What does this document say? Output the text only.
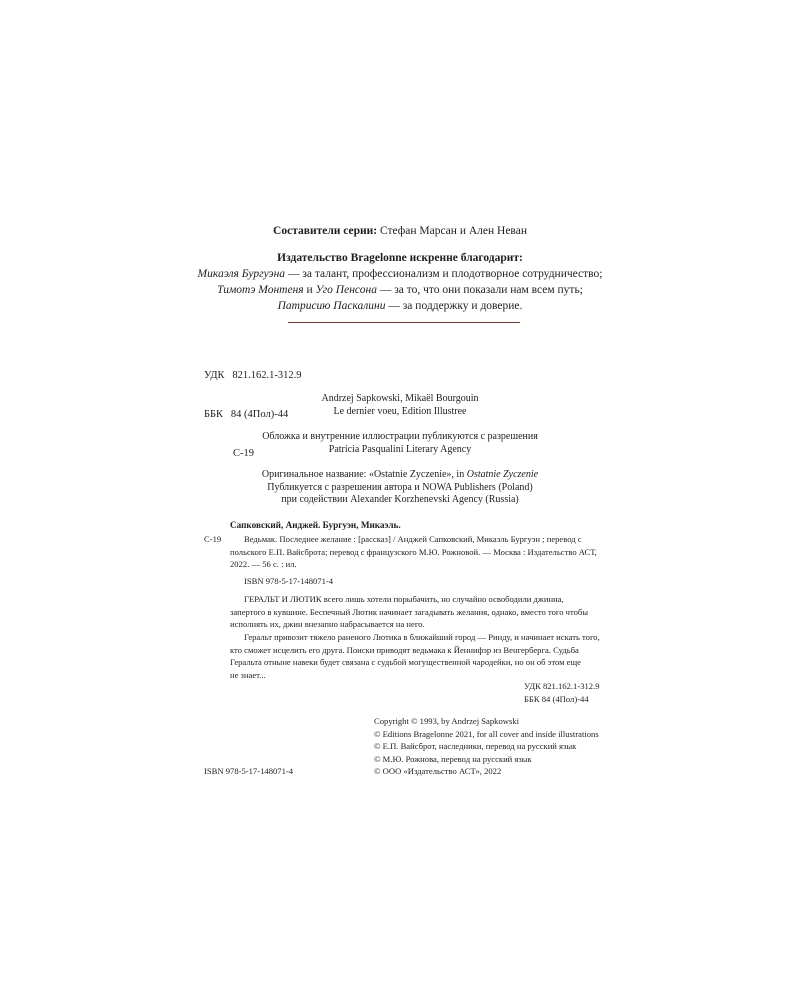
Составители серии: Стефан Марсан и Ален Неван
Издательство Bragelonne искренне благодарит:
Микаэля Бургуэна — за талант, профессионализм и плодотворное сотрудничество;
Тимотэ Монтеня и Уго Пенсона — за то, что они показали нам всем путь;
Патрисию Паскалини — за поддержку и доверие.

УДК   821.162.1-312.9

ББК   84 (4Пол)-44

С-19

Andrzej Sapkowski, Mikaël Bourgouin
Le dernier voeu, Edition Illustree
Обложка и внутренние иллюстрации публикуются с разрешения
Patricia Pasqualini Literary Agency
Оригинальное название: «Ostatnie Zyczenie», in Ostatnie Zyczenie
Публикуется с разрешения автора и NOWA Publishers (Poland)
при содействии Alexander Korzhenevski Agency (Russia)
Сапковский, Анджей. Бургуэн, Микаэль.
С-19	Ведьмак. Последнее желание : [рассказ] / Анджей Сапковский, Микаэль Бургуэн ; перевод с
польского Е.П. Вайсброта; перевод с французского М.Ю. Рожновой. — Москва : Издательство АСТ,
2022. — 56 с. : ил.
ISBN 978-5-17-148071-4
ГЕРАЛЬТ И ЛЮТИК всего лишь хотели порыбачить, но случайно освободили джинна,
запертого в кувшине. Беспечный Лютик начинает загадывать желания, однако, вместо того чтобы
исполнять их, джин внезапно набрасывается на него.
Геральт привозит тяжело раненого Лютика в ближайший город — Ринду, и начинает искать того,
кто сможет исцелить его друга. Поиски приводят ведьмака к Йеннифэр из Венгерберга. Судьба
Геральта отныне навеки будет связана с судьбой могущественной чародейки, но он об этом еще
не знает...
УДК 821.162.1-312.9
ББК 84 (4Пол)-44
Copyright © 1993, by Andrzej Sapkowski
© Editions Bragelonne 2021, for all cover and inside illustrations
© Е.П. Вайсброт, наследники, перевод на русский язык
© М.Ю. Рожнова, перевод на русский язык
© ООО «Издательство АСТ», 2022
ISBN 978-5-17-148071-4
